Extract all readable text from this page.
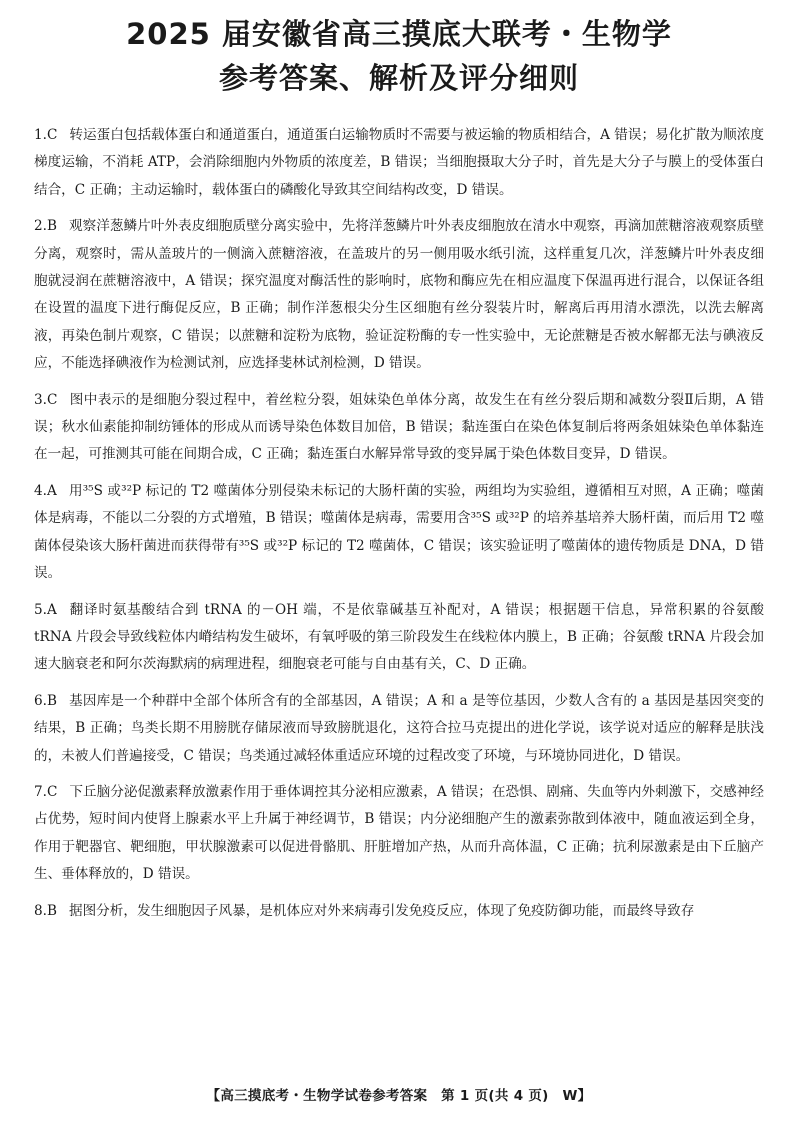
2025 届安徽省高三摸底大联考・生物学
参考答案、解析及评分细则
1.C 转运蛋白包括载体蛋白和通道蛋白，通道蛋白运输物质时不需要与被运输的物质相结合，A 错误；易化扩散为顺浓度梯度运输，不消耗 ATP，会消除细胞内外物质的浓度差，B 错误；当细胞摄取大分子时，首先是大分子与膜上的受体蛋白结合，C 正确；主动运输时，载体蛋白的磷酸化导致其空间结构改变，D 错误。
2.B 观察洋葱鳞片叶外表皮细胞质壁分离实验中，先将洋葱鳞片叶外表皮细胞放在清水中观察，再滴加蔗糖溶液观察质壁分离，观察时，需从盖玻片的一侧滴入蔗糖溶液，在盖玻片的另一侧用吸水纸引流，这样重复几次，洋葱鳞片叶外表皮细胞就浸润在蔗糖溶液中，A 错误；探究温度对酶活性的影响时，底物和酶应先在相应温度下保温再进行混合，以保证各组在设置的温度下进行酶促反应，B 正确；制作洋葱根尖分生区细胞有丝分裂装片时，解离后再用清水漂洗，以洗去解离液，再染色制片观察，C 错误；以蔗糖和淀粉为底物，验证淀粉酶的专一性实验中，无论蔗糖是否被水解都无法与碘液反应，不能选择碘液作为检测试剂，应选择斐林试剂检测，D 错误。
3.C 图中表示的是细胞分裂过程中，着丝粒分裂，姐妹染色单体分离，故发生在有丝分裂后期和减数分裂Ⅱ后期，A 错误；秋水仙素能抑制纺锤体的形成从而诱导染色体数目加倍，B 错误；黏连蛋白在染色体复制后将两条姐妹染色单体黏连在一起，可推测其可能在间期合成，C 正确；黏连蛋白水解异常导致的变异属于染色体数目变异，D 错误。
4.A 用³⁵S 或³²P 标记的 T2 噬菌体分别侵染未标记的大肠杆菌的实验，两组均为实验组，遵循相互对照，A 正确；噬菌体是病毒，不能以二分裂的方式增殖，B 错误；噬菌体是病毒，需要用含³⁵S 或³²P 的培养基培养大肠杆菌，而后用 T2 噬菌体侵染该大肠杆菌进而获得带有³⁵S 或³²P 标记的 T2 噬菌体，C 错误；该实验证明了噬菌体的遗传物质是 DNA，D 错误。
5.A 翻译时氨基酸结合到 tRNA 的－OH 端，不是依靠碱基互补配对，A 错误；根据题干信息，异常积累的谷氨酸 tRNA 片段会导致线粒体内嵴结构发生破坏，有氧呼吸的第三阶段发生在线粒体内膜上，B 正确；谷氨酸 tRNA 片段会加速大脑衰老和阿尔茨海默病的病理进程，细胞衰老可能与自由基有关，C、D 正确。
6.B 基因库是一个种群中全部个体所含有的全部基因，A 错误；A 和 a 是等位基因，少数人含有的 a 基因是基因突变的结果，B 正确；鸟类长期不用膀胱存储尿液而导致膀胱退化，这符合拉马克提出的进化学说，该学说对适应的解释是肤浅的，未被人们普遍接受，C 错误；鸟类通过减轻体重适应环境的过程改变了环境，与环境协同进化，D 错误。
7.C 下丘脑分泌促激素释放激素作用于垂体调控其分泌相应激素，A 错误；在恐惧、剧痛、失血等内外刺激下，交感神经占优势，短时间内使肾上腺素水平上升属于神经调节，B 错误；内分泌细胞产生的激素弥散到体液中，随血液运到全身，作用于靶器官、靶细胞，甲状腺激素可以促进骨骼肌、肝脏增加产热，从而升高体温，C 正确；抗利尿激素是由下丘脑产生、垂体释放的，D 错误。
8.B 据图分析，发生细胞因子风暴，是机体应对外来病毒引发免疫反应，体现了免疫防御功能，而最终导致存
【高三摸底考・生物学试卷参考答案　第 1 页(共 4 页)　W】
